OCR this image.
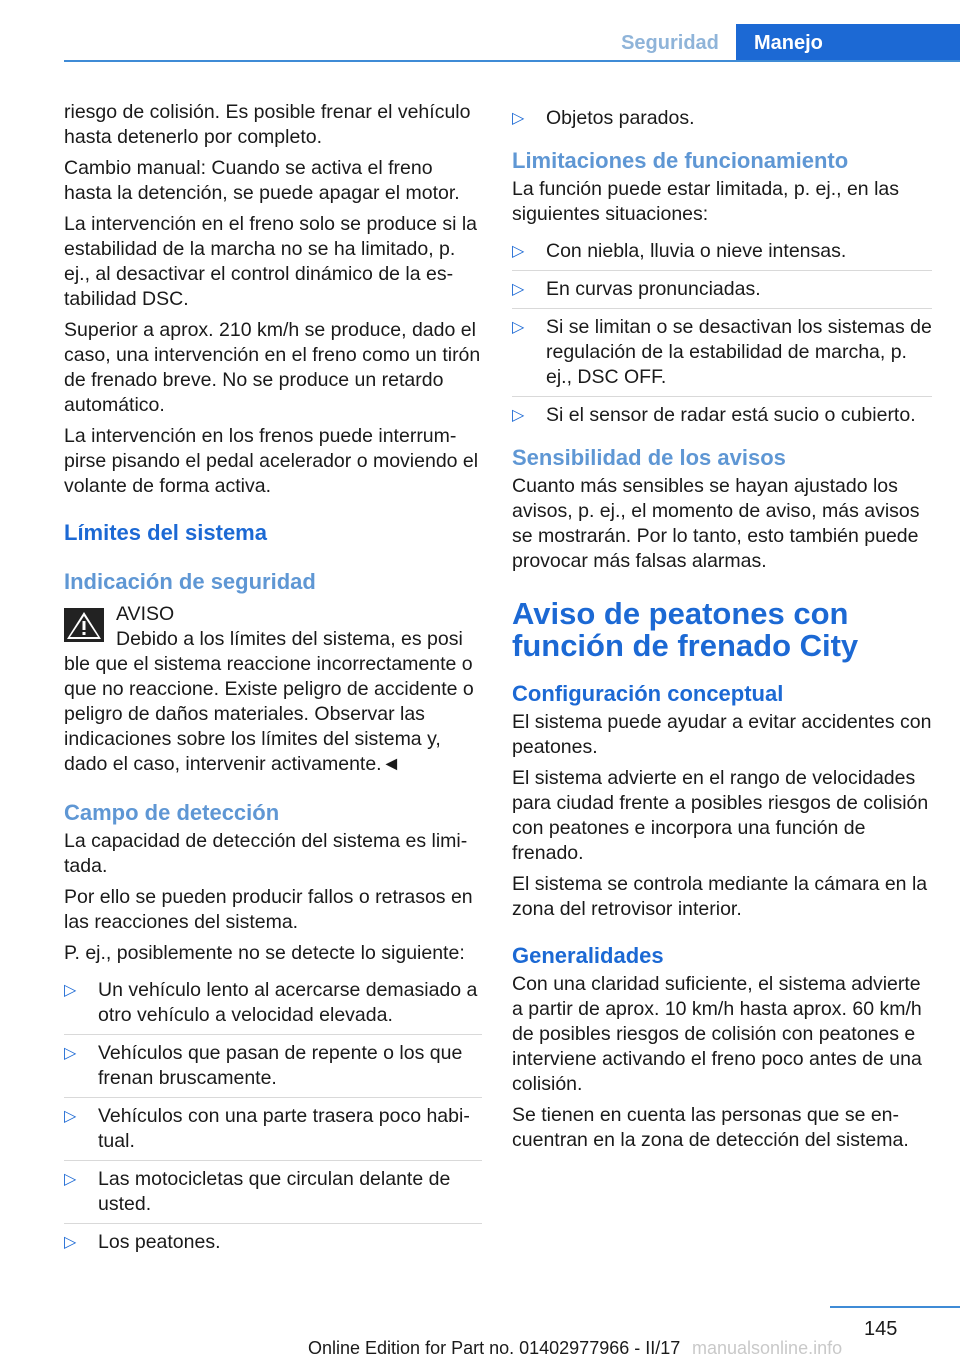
Seguridad	Manejo

riesgo de colisión. Es posible frenar el vehículo hasta detenerlo por completo.

Cambio manual: Cuando se activa el freno hasta la detención, se puede apagar el motor.

La intervención en el freno solo se produce si la estabilidad de la marcha no se ha limitado, p. ej., al desactivar el control dinámico de la estabilidad DSC.

Superior a aprox. 210 km/h se produce, dado el caso, una intervención en el freno como un tirón de frenado breve. No se produce un retardo automático.

La intervención en los frenos puede interrumpirse pisando el pedal acelerador o moviendo el volante de forma activa.

Límites del sistema
Indicación de seguridad
AVISO
Debido a los límites del sistema, es posi

ble que el sistema reaccione incorrectamente o que no reaccione. Existe peligro de accidente o peligro de daños materiales. Observar las indicaciones sobre los límites del sistema y, dado el caso, intervenir activamente.◄

Campo de detección

La capacidad de detección del sistema es limitada.

Por ello se pueden producir fallos o retrasos en las reacciones del sistema.

P. ej., posiblemente no se detecte lo siguiente:

▷ Un vehículo lento al acercarse demasiado a otro vehículo a velocidad elevada.
▷ Vehículos que pasan de repente o los que frenan bruscamente.
▷ Vehículos con una parte trasera poco habitual.
▷ Las motocicletas que circulan delante de usted.
▷ Los peatones.
▷ Objetos parados.
Limitaciones de funcionamiento

La función puede estar limitada, p. ej., en las siguientes situaciones:

▷ Con niebla, lluvia o nieve intensas.
▷ En curvas pronunciadas.
▷ Si se limitan o se desactivan los sistemas de regulación de la estabilidad de marcha, p. ej., DSC OFF.
▷ Si el sensor de radar está sucio o cubierto.
Sensibilidad de los avisos

Cuanto más sensibles se hayan ajustado los avisos, p. ej., el momento de aviso, más avisos se mostrarán. Por lo tanto, esto también puede provocar más falsas alarmas.

Aviso de peatones con función de frenado City
Configuración conceptual

El sistema puede ayudar a evitar accidentes con peatones.

El sistema advierte en el rango de velocidades para ciudad frente a posibles riesgos de colisión con peatones e incorpora una función de frenado.

El sistema se controla mediante la cámara en la zona del retrovisor interior.

Generalidades

Con una claridad suficiente, el sistema advierte a partir de aprox. 10 km/h hasta aprox. 60 km/h de posibles riesgos de colisión con peatones e interviene activando el freno poco antes de una colisión.

Se tienen en cuenta las personas que se encuentran en la zona de detección del sistema.

145
Online Edition for Part no. 01402977966 - II/17 manualsonline.info
